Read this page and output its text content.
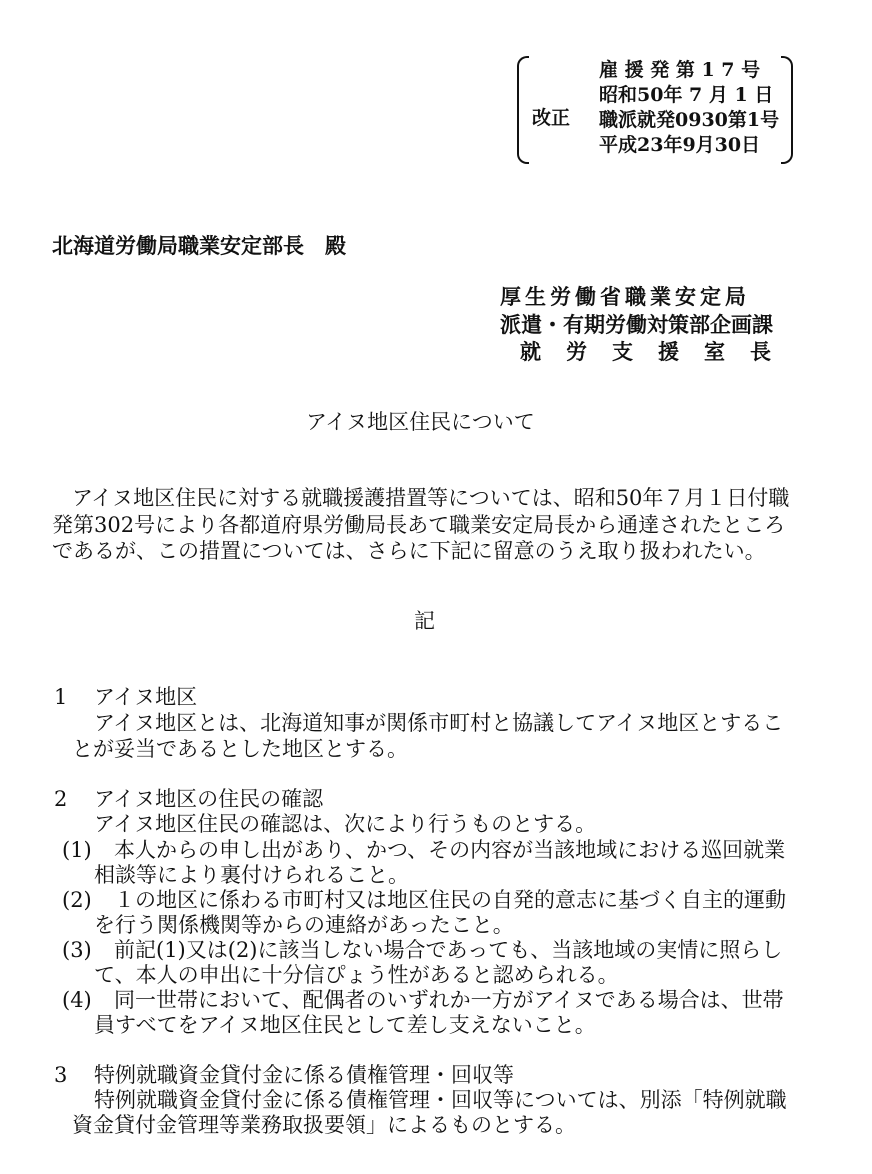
改正
雇 援 発 第 1 7 号
昭和50年 7 月 1 日
職派就発0930第1号
平成23年9月30日
北海道労働局職業安定部長　殿
厚生労働省職業安定局
派遣・有期労働対策部企画課
就労支援室長
アイヌ地区住民について
アイヌ地区住民に対する就職援護措置等については、昭和50年７月１日付職
発第302号により各都道府県労働局長あて職業安定局長から通達されたところ
であるが、この措置については、さらに下記に留意のうえ取り扱われたい。
記
1 アイヌ地区
アイヌ地区とは、北海道知事が関係市町村と協議してアイヌ地区とするこ
とが妥当であるとした地区とする。
2 アイヌ地区の住民の確認
アイヌ地区住民の確認は、次により行うものとする。
(1) 本人からの申し出があり、かつ、その内容が当該地域における巡回就業
相談等により裏付けられること。
(2) １の地区に係わる市町村又は地区住民の自発的意志に基づく自主的運動
を行う関係機関等からの連絡があったこと。
(3) 前記(1)又は(2)に該当しない場合であっても、当該地域の実情に照らし
て、本人の申出に十分信ぴょう性があると認められる。
(4) 同一世帯において、配偶者のいずれか一方がアイヌである場合は、世帯
員すべてをアイヌ地区住民として差し支えないこと。
3 特例就職資金貸付金に係る債権管理・回収等
特例就職資金貸付金に係る債権管理・回収等については、別添「特例就職
資金貸付金管理等業務取扱要領」によるものとする。
